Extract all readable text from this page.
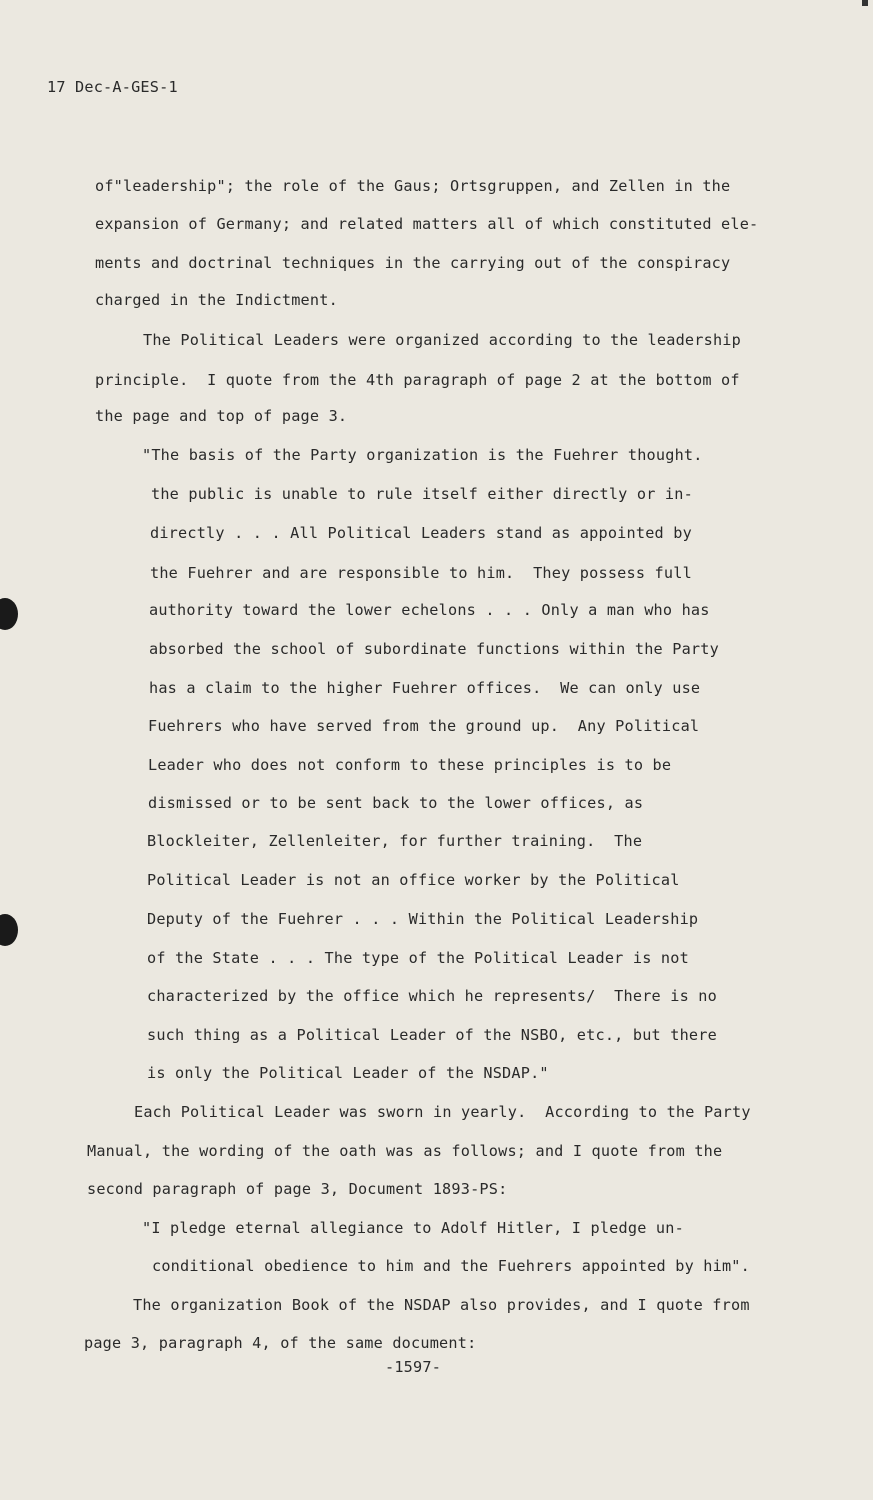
17 Dec-A-GES-1

of"leadership"; the role of the Gaus; Ortsgruppen, and Zellen in the

expansion of Germany; and related matters all of which constituted ele-

ments and doctrinal techniques in the carrying out of the conspiracy

charged in the Indictment.

The Political Leaders were organized according to the leadership

principle.  I quote from the 4th paragraph of page 2 at the bottom of

the page and top of page 3.

"The basis of the Party organization is the Fuehrer thought.

the public is unable to rule itself either directly or in-

directly . . . All Political Leaders stand as appointed by

the Fuehrer and are responsible to him.  They possess full

authority toward the lower echelons . . . Only a man who has

absorbed the school of subordinate functions within the Party

has a claim to the higher Fuehrer offices.  We can only use

Fuehrers who have served from the ground up.  Any Political

Leader who does not conform to these principles is to be

dismissed or to be sent back to the lower offices, as

Blockleiter, Zellenleiter, for further training.  The

Political Leader is not an office worker by the Political

Deputy of the Fuehrer . . . Within the Political Leadership

of the State . . . The type of the Political Leader is not

characterized by the office which he represents/  There is no

such thing as a Political Leader of the NSBO, etc., but there

is only the Political Leader of the NSDAP."

Each Political Leader was sworn in yearly.  According to the Party

Manual, the wording of the oath was as follows; and I quote from the

second paragraph of page 3, Document 1893-PS:

"I pledge eternal allegiance to Adolf Hitler, I pledge un-

conditional obedience to him and the Fuehrers appointed by him".

The organization Book of the NSDAP also provides, and I quote from

page 3, paragraph 4, of the same document:

-1597-
